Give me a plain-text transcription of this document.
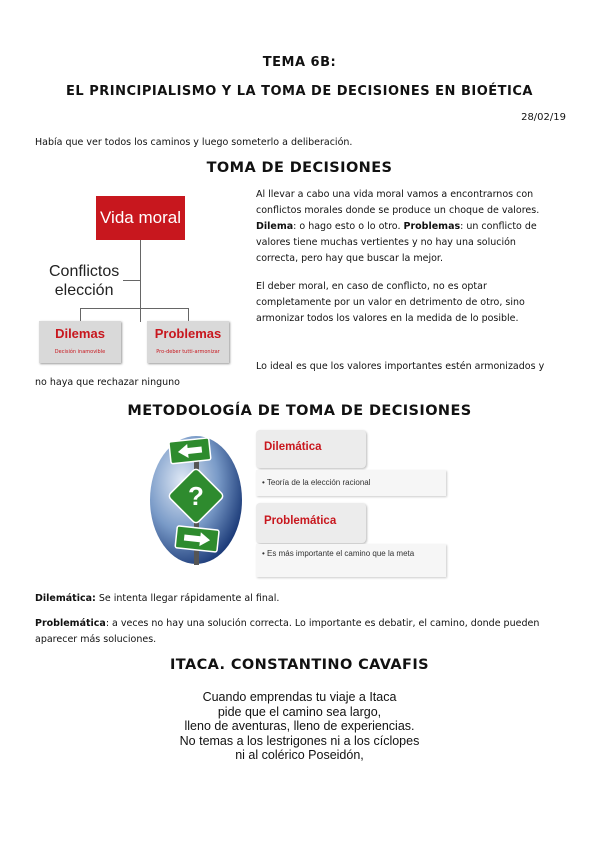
TEMA 6B:
EL PRINCIPIALISMO Y LA TOMA DE DECISIONES EN BIOÉTICA
28/02/19
Había que ver todos los caminos y luego someterlo a deliberación.
TOMA DE DECISIONES
Vida moral
Conflictos
elección
Dilemas
Decisión inamovible
Problemas
Pro-deber tutti-armonizar
Al llevar a cabo una vida moral vamos a encontrarnos con conflictos morales donde se produce un choque de valores. Dilema: o hago esto o lo otro. Problemas: un conflicto de valores tiene muchas vertientes y no hay una solución correcta, pero hay que buscar la mejor.
El deber moral, en caso de conflicto, no es optar completamente por un valor en detrimento de otro, sino armonizar todos los valores en la medida de lo posible.
Lo ideal es que los valores importantes estén armonizados y
no haya que rechazar ninguno
METODOLOGÍA DE TOMA DE DECISIONES
?
Dilemática
• Teoría de la elección racional
Problemática
• Es más importante el camino que la meta
Dilemática: Se intenta llegar rápidamente al final.
Problemática: a veces no hay una solución correcta. Lo importante es debatir, el camino, donde pueden aparecer más soluciones.
ITACA. CONSTANTINO CAVAFIS
Cuando emprendas tu viaje a Itaca
pide que el camino sea largo,
lleno de aventuras, lleno de experiencias.
No temas a los lestrigones ni a los cíclopes
ni al colérico Poseidón,
